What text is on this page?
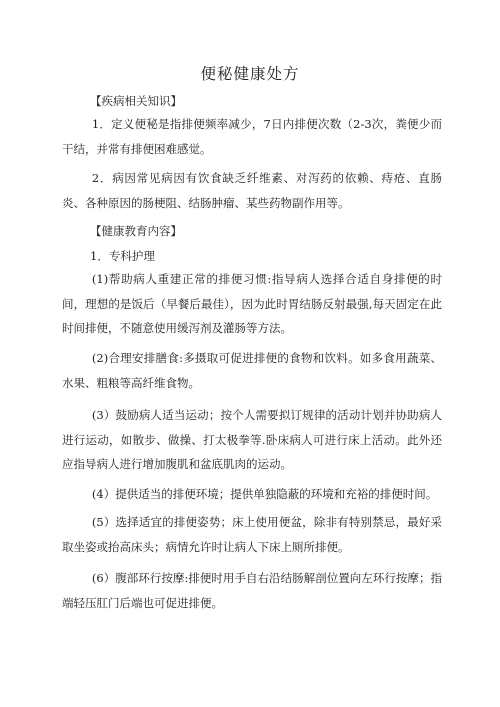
便秘健康处方
【疾病相关知识】
1．定义便秘是指排便频率减少，7日内排便次数（2-3次，粪便少而干结，并常有排便困难感觉。
2．病因常见病因有饮食缺乏纤维素、对泻药的依赖、痔疮、直肠炎、各种原因的肠梗阻、结肠肿瘤、某些药物副作用等。
【健康教育内容】
1．专科护理
(1)帮助病人重建正常的排便习惯:指导病人选择合适自身排便的时间，理想的是饭后（早餐后最佳），因为此时胃结肠反射最强,每天固定在此时间排便，不随意使用缓泻剂及灌肠等方法。
(2)合理安排膳食:多摄取可促进排便的食物和饮料。如多食用蔬菜、水果、粗粮等高纤维食物。
(3）鼓励病人适当运动；按个人需要拟订规律的活动计划并协助病人进行运动，如散步、做操、打太极拳等.卧床病人可进行床上活动。此外还应指导病人进行增加腹肌和盆底肌肉的运动。
(4）提供适当的排便环境；提供单独隐蔽的环境和充裕的排便时间。
(5）选择适宜的排便姿势；床上使用便盆，除非有特别禁忌，最好采取坐姿或抬高床头；病情允许时让病人下床上厕所排便。
(6）腹部环行按摩:排便时用手自右沿结肠解剖位置向左环行按摩；指端轻压肛门后端也可促进排便。
